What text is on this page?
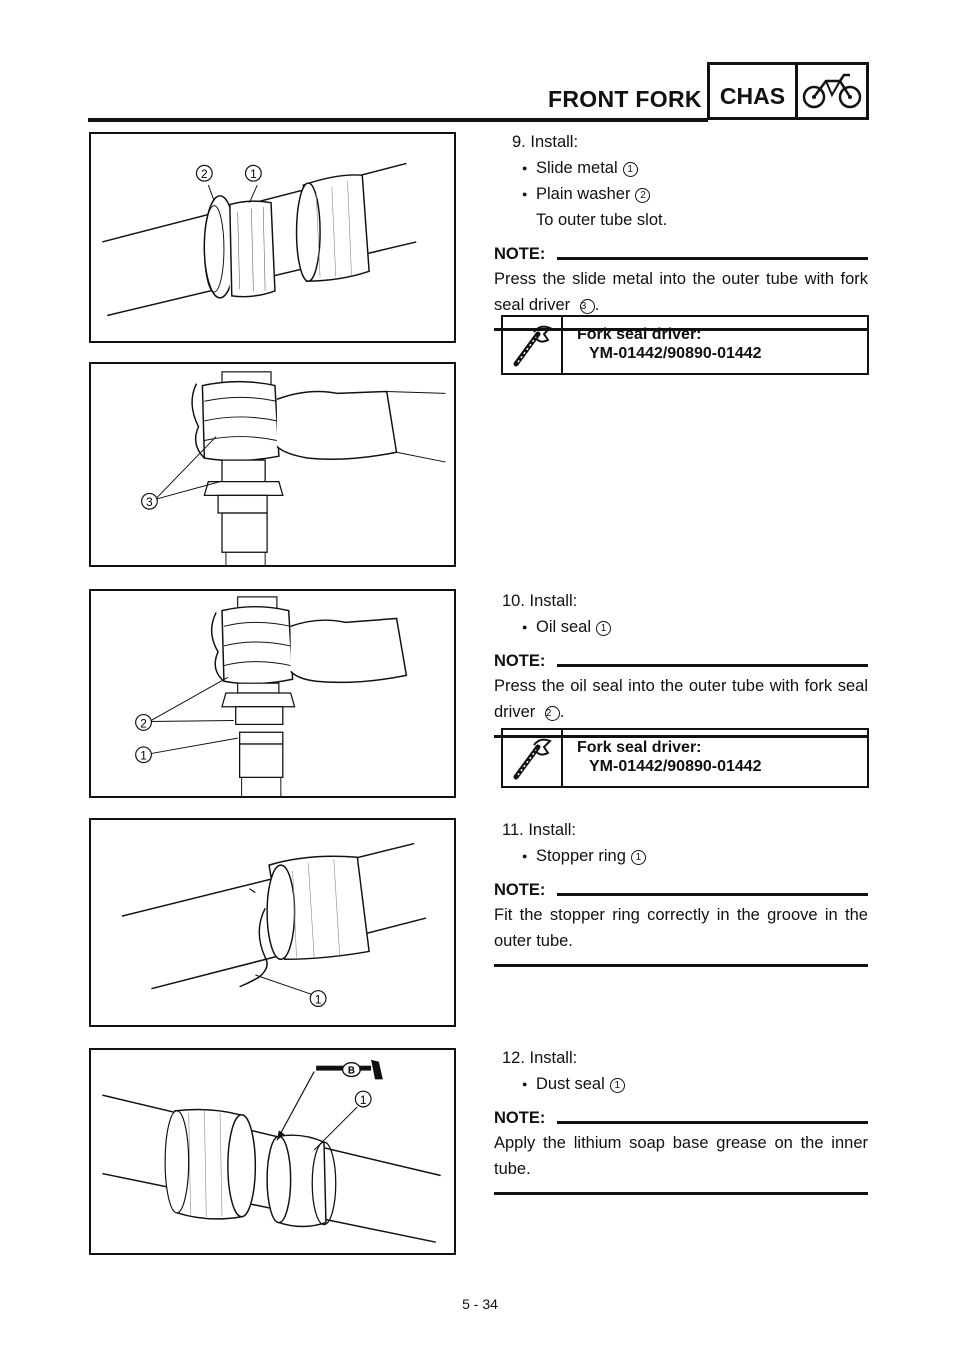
FRONT FORK CHAS
2	1
3
2
1
1
B
1
9. Install:
● Slide metal 1
● Plain washer 2
To outer tube slot.
NOTE:
Press the slide metal into the outer tube with fork seal driver 3 .
Fork seal driver:
YM-01442/90890-01442
10. Install:
● Oil seal 1
NOTE:
Press the oil seal into the outer tube with fork seal driver 2 .
Fork seal driver:
YM-01442/90890-01442
11. Install:
● Stopper ring 1
NOTE:
Fit the stopper ring correctly in the groove in the outer tube.
12. Install:
● Dust seal 1
NOTE:
Apply the lithium soap base grease on the inner tube.
5 - 34
